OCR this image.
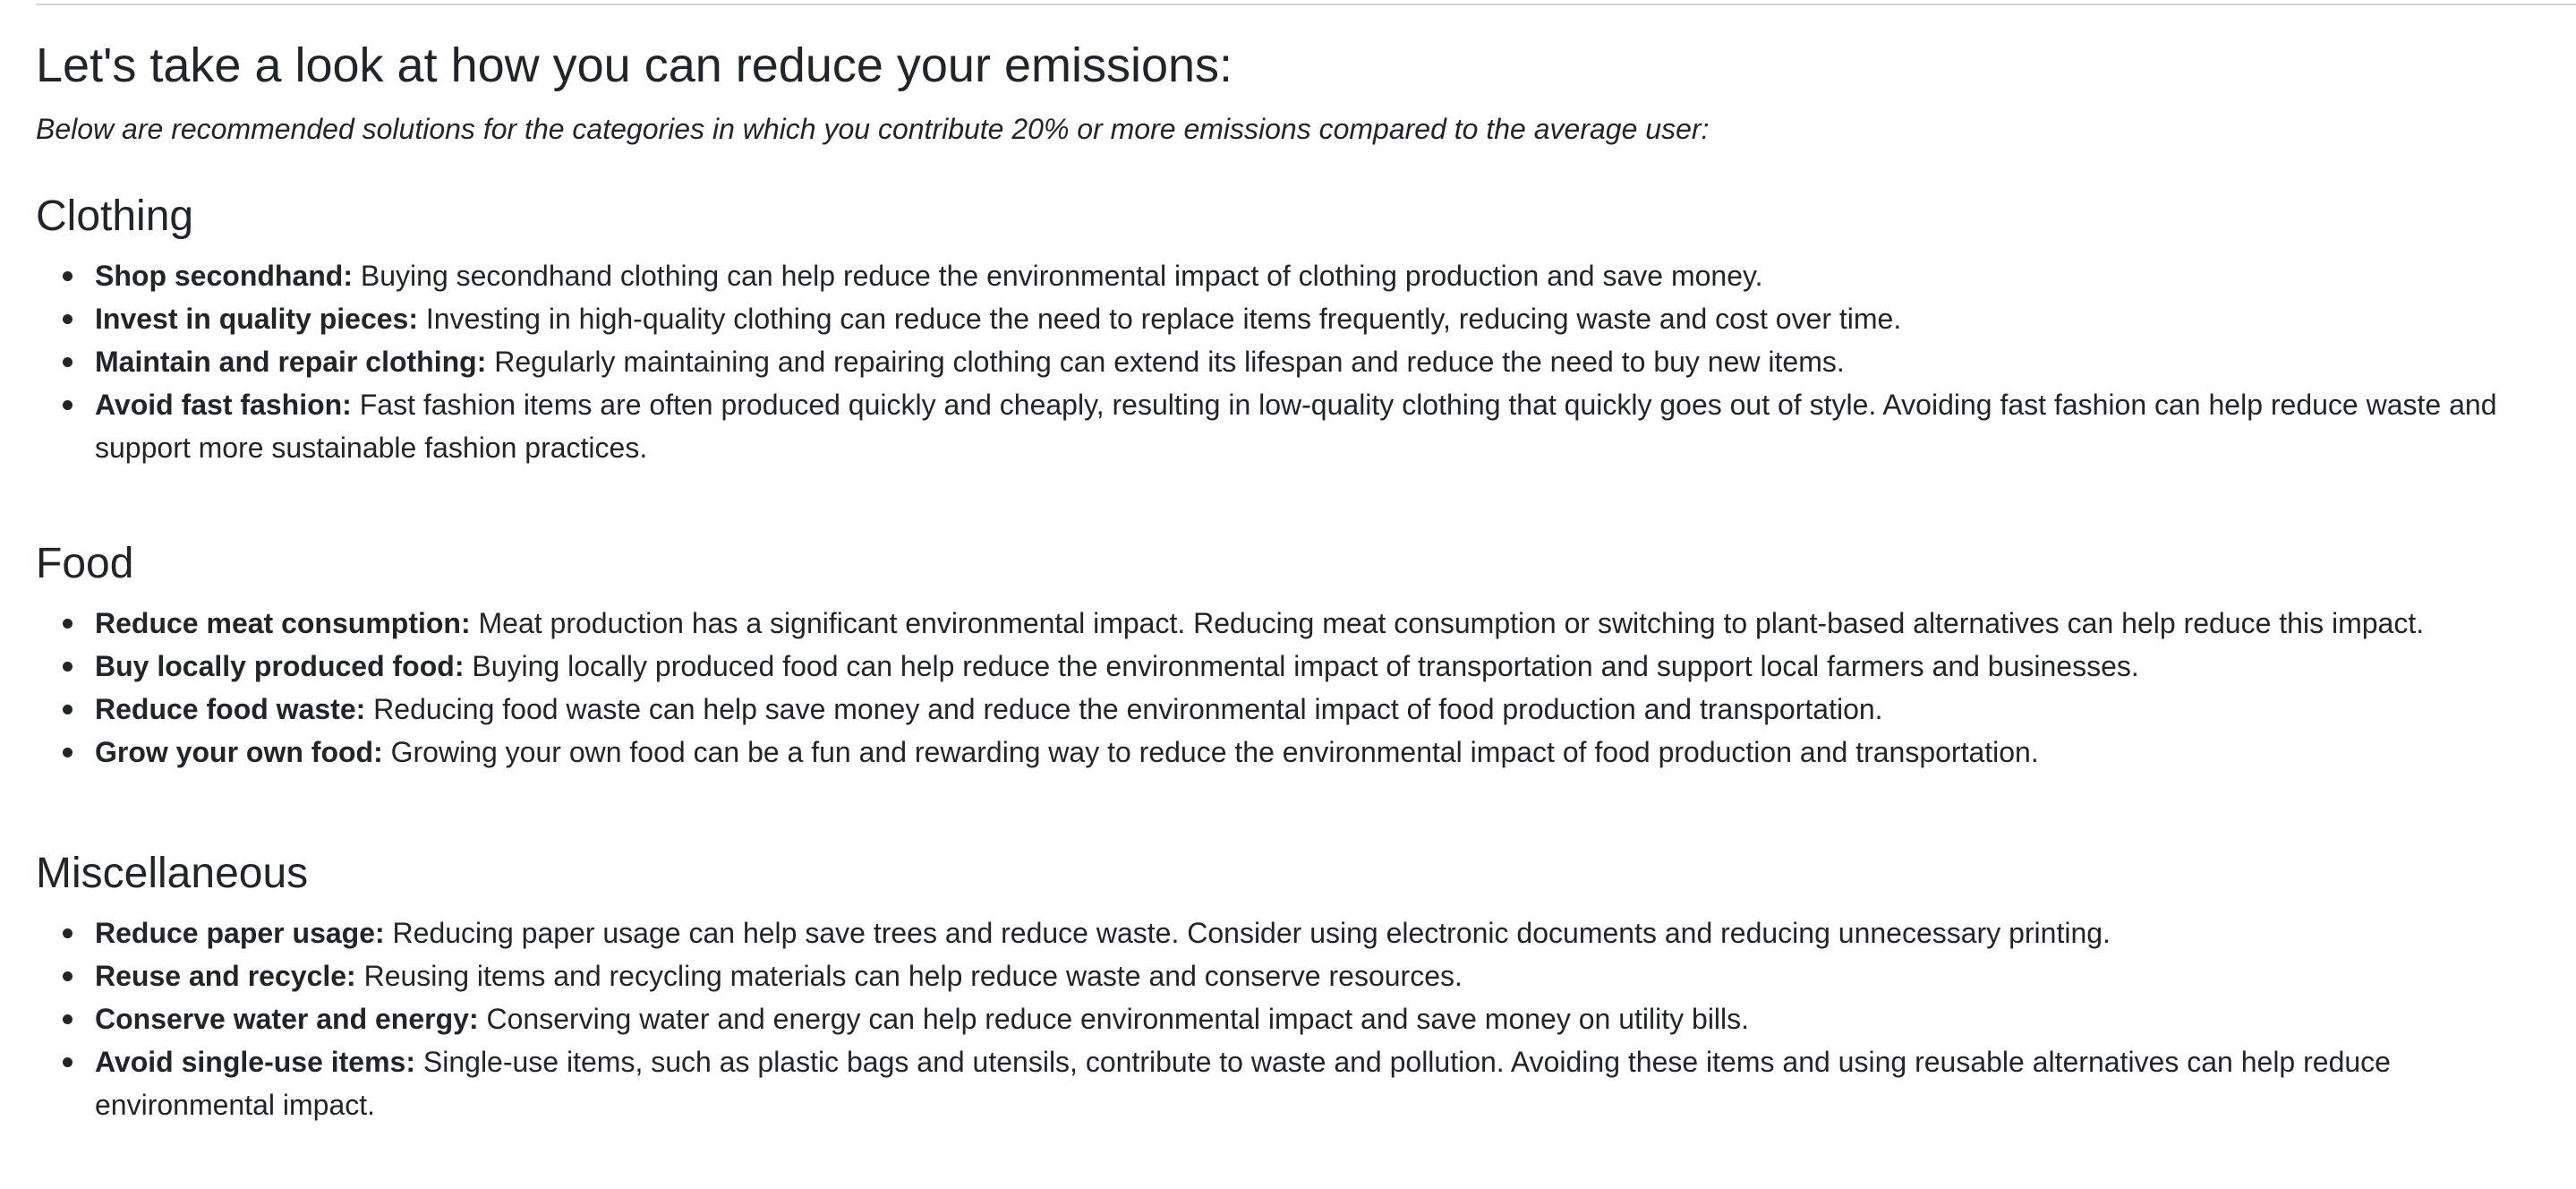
Let's take a look at how you can reduce your emissions:

Below are recommended solutions for the categories in which you contribute 20% or more emissions compared to the average user:

Clothing
Shop secondhand: Buying secondhand clothing can help reduce the environmental impact of clothing production and save money.
Invest in quality pieces: Investing in high-quality clothing can reduce the need to replace items frequently, reducing waste and cost over time.
Maintain and repair clothing: Regularly maintaining and repairing clothing can extend its lifespan and reduce the need to buy new items.
Avoid fast fashion: Fast fashion items are often produced quickly and cheaply, resulting in low-quality clothing that quickly goes out of style. Avoiding fast fashion can help reduce waste and support more sustainable fashion practices.
Food
Reduce meat consumption: Meat production has a significant environmental impact. Reducing meat consumption or switching to plant-based alternatives can help reduce this impact.
Buy locally produced food: Buying locally produced food can help reduce the environmental impact of transportation and support local farmers and businesses.
Reduce food waste: Reducing food waste can help save money and reduce the environmental impact of food production and transportation.
Grow your own food: Growing your own food can be a fun and rewarding way to reduce the environmental impact of food production and transportation.
Miscellaneous
Reduce paper usage: Reducing paper usage can help save trees and reduce waste. Consider using electronic documents and reducing unnecessary printing.
Reuse and recycle: Reusing items and recycling materials can help reduce waste and conserve resources.
Conserve water and energy: Conserving water and energy can help reduce environmental impact and save money on utility bills.
Avoid single-use items: Single-use items, such as plastic bags and utensils, contribute to waste and pollution. Avoiding these items and using reusable alternatives can help reduce environmental impact.
